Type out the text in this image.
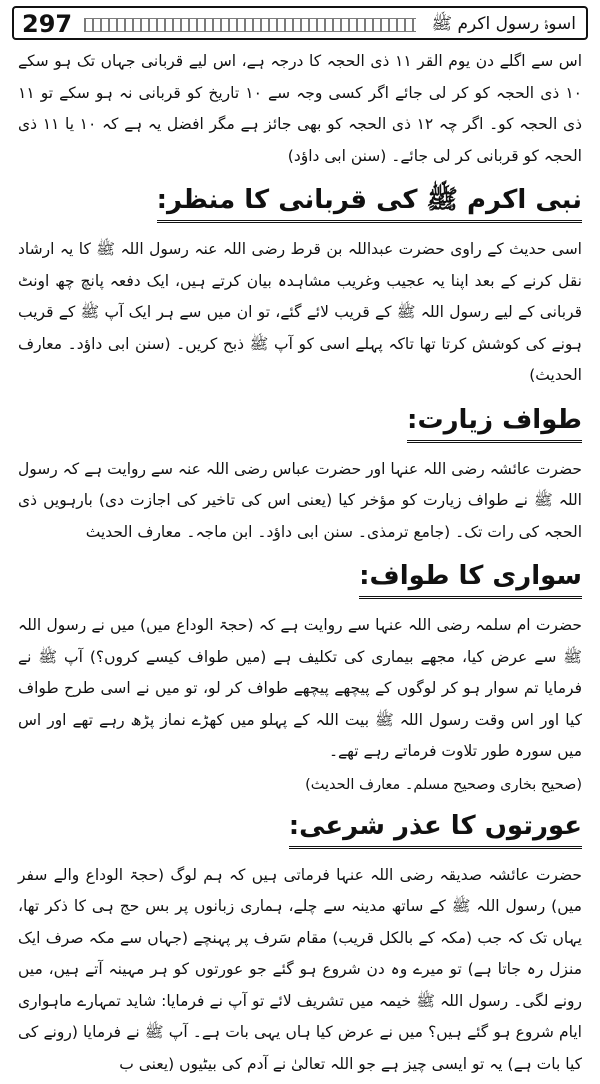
297	اسوۂ رسول اکرم ﷺ

اس سے اگلے دن یوم القر ۱۱ ذی الحجہ کا درجہ ہے، اس لیے قربانی جہاں تک ہو سکے ۱۰ ذی الحجہ کو کر لی جائے اگر کسی وجہ سے ۱۰ تاریخ کو قربانی نہ ہو سکے تو ۱۱ ذی الحجہ کو۔ اگر چہ ۱۲ ذی الحجہ کو بھی جائز ہے مگر افضل یہ ہے کہ ۱۰ یا ۱۱ ذی الحجہ کو قربانی کر لی جائے۔ (سنن ابی داؤد)

نبی اکرم ﷺ کی قربانی کا منظر:

اسی حدیث کے راوی حضرت عبداللہ بن قرط رضی اللہ عنہ رسول اللہ ﷺ کا یہ ارشاد نقل کرنے کے بعد اپنا یہ عجیب وغریب مشاہدہ بیان کرتے ہیں، ایک دفعہ پانچ چھ اونٹ قربانی کے لیے رسول اللہ ﷺ کے قریب لائے گئے، تو ان میں سے ہر ایک آپ ﷺ کے قریب ہونے کی کوشش کرتا تھا تاکہ پہلے اسی کو آپ ﷺ ذبح کریں۔ (سنن ابی داؤد۔ معارف الحدیث)

طواف زیارت:

حضرت عائشہ رضی اللہ عنہا اور حضرت عباس رضی اللہ عنہ سے روایت ہے کہ رسول اللہ ﷺ نے طواف زیارت کو مؤخر کیا (یعنی اس کی تاخیر کی اجازت دی) بارہویں ذی الحجہ کی رات تک۔ (جامع ترمذی۔ سنن ابی داؤد۔ ابن ماجہ۔ معارف الحدیث

سواری کا طواف:

حضرت ام سلمہ رضی اللہ عنہا سے روایت ہے کہ (حجۃ الوداع میں) میں نے رسول اللہ ﷺ سے عرض کیا، مجھے بیماری کی تکلیف ہے (میں طواف کیسے کروں؟) آپ ﷺ نے فرمایا تم سوار ہو کر لوگوں کے پیچھے پیچھے طواف کر لو، تو میں نے اسی طرح طواف کیا اور اس وقت رسول اللہ ﷺ بیت اللہ کے پہلو میں کھڑے نماز پڑھ رہے تھے اور اس میں سورہ طور تلاوت فرماتے رہے تھے۔

(صحیح بخاری وصحیح مسلم۔ معارف الحدیث)
عورتوں کا عذر شرعی:

حضرت عائشہ صدیقہ رضی اللہ عنہا فرماتی ہیں کہ ہم لوگ (حجۃ الوداع والے سفر میں) رسول اللہ ﷺ کے ساتھ مدینہ سے چلے، ہماری زبانوں پر بس حج ہی کا ذکر تھا، یہاں تک کہ جب (مکہ کے بالکل قریب) مقام سَرف پر پہنچے (جہاں سے مکہ صرف ایک منزل رہ جاتا ہے) تو میرے وہ دن شروع ہو گئے جو عورتوں کو ہر مہینہ آتے ہیں، میں رونے لگی۔ رسول اللہ ﷺ خیمہ میں تشریف لائے تو آپ نے فرمایا: شاید تمہارے ماہواری ایام شروع ہو گئے ہیں؟ میں نے عرض کیا ہاں یہی بات ہے۔ آپ ﷺ نے فرمایا (رونے کی کیا بات ہے) یہ تو ایسی چیز ہے جو اللہ تعالیٰ نے آدم کی بیٹیوں (یعنی ب
